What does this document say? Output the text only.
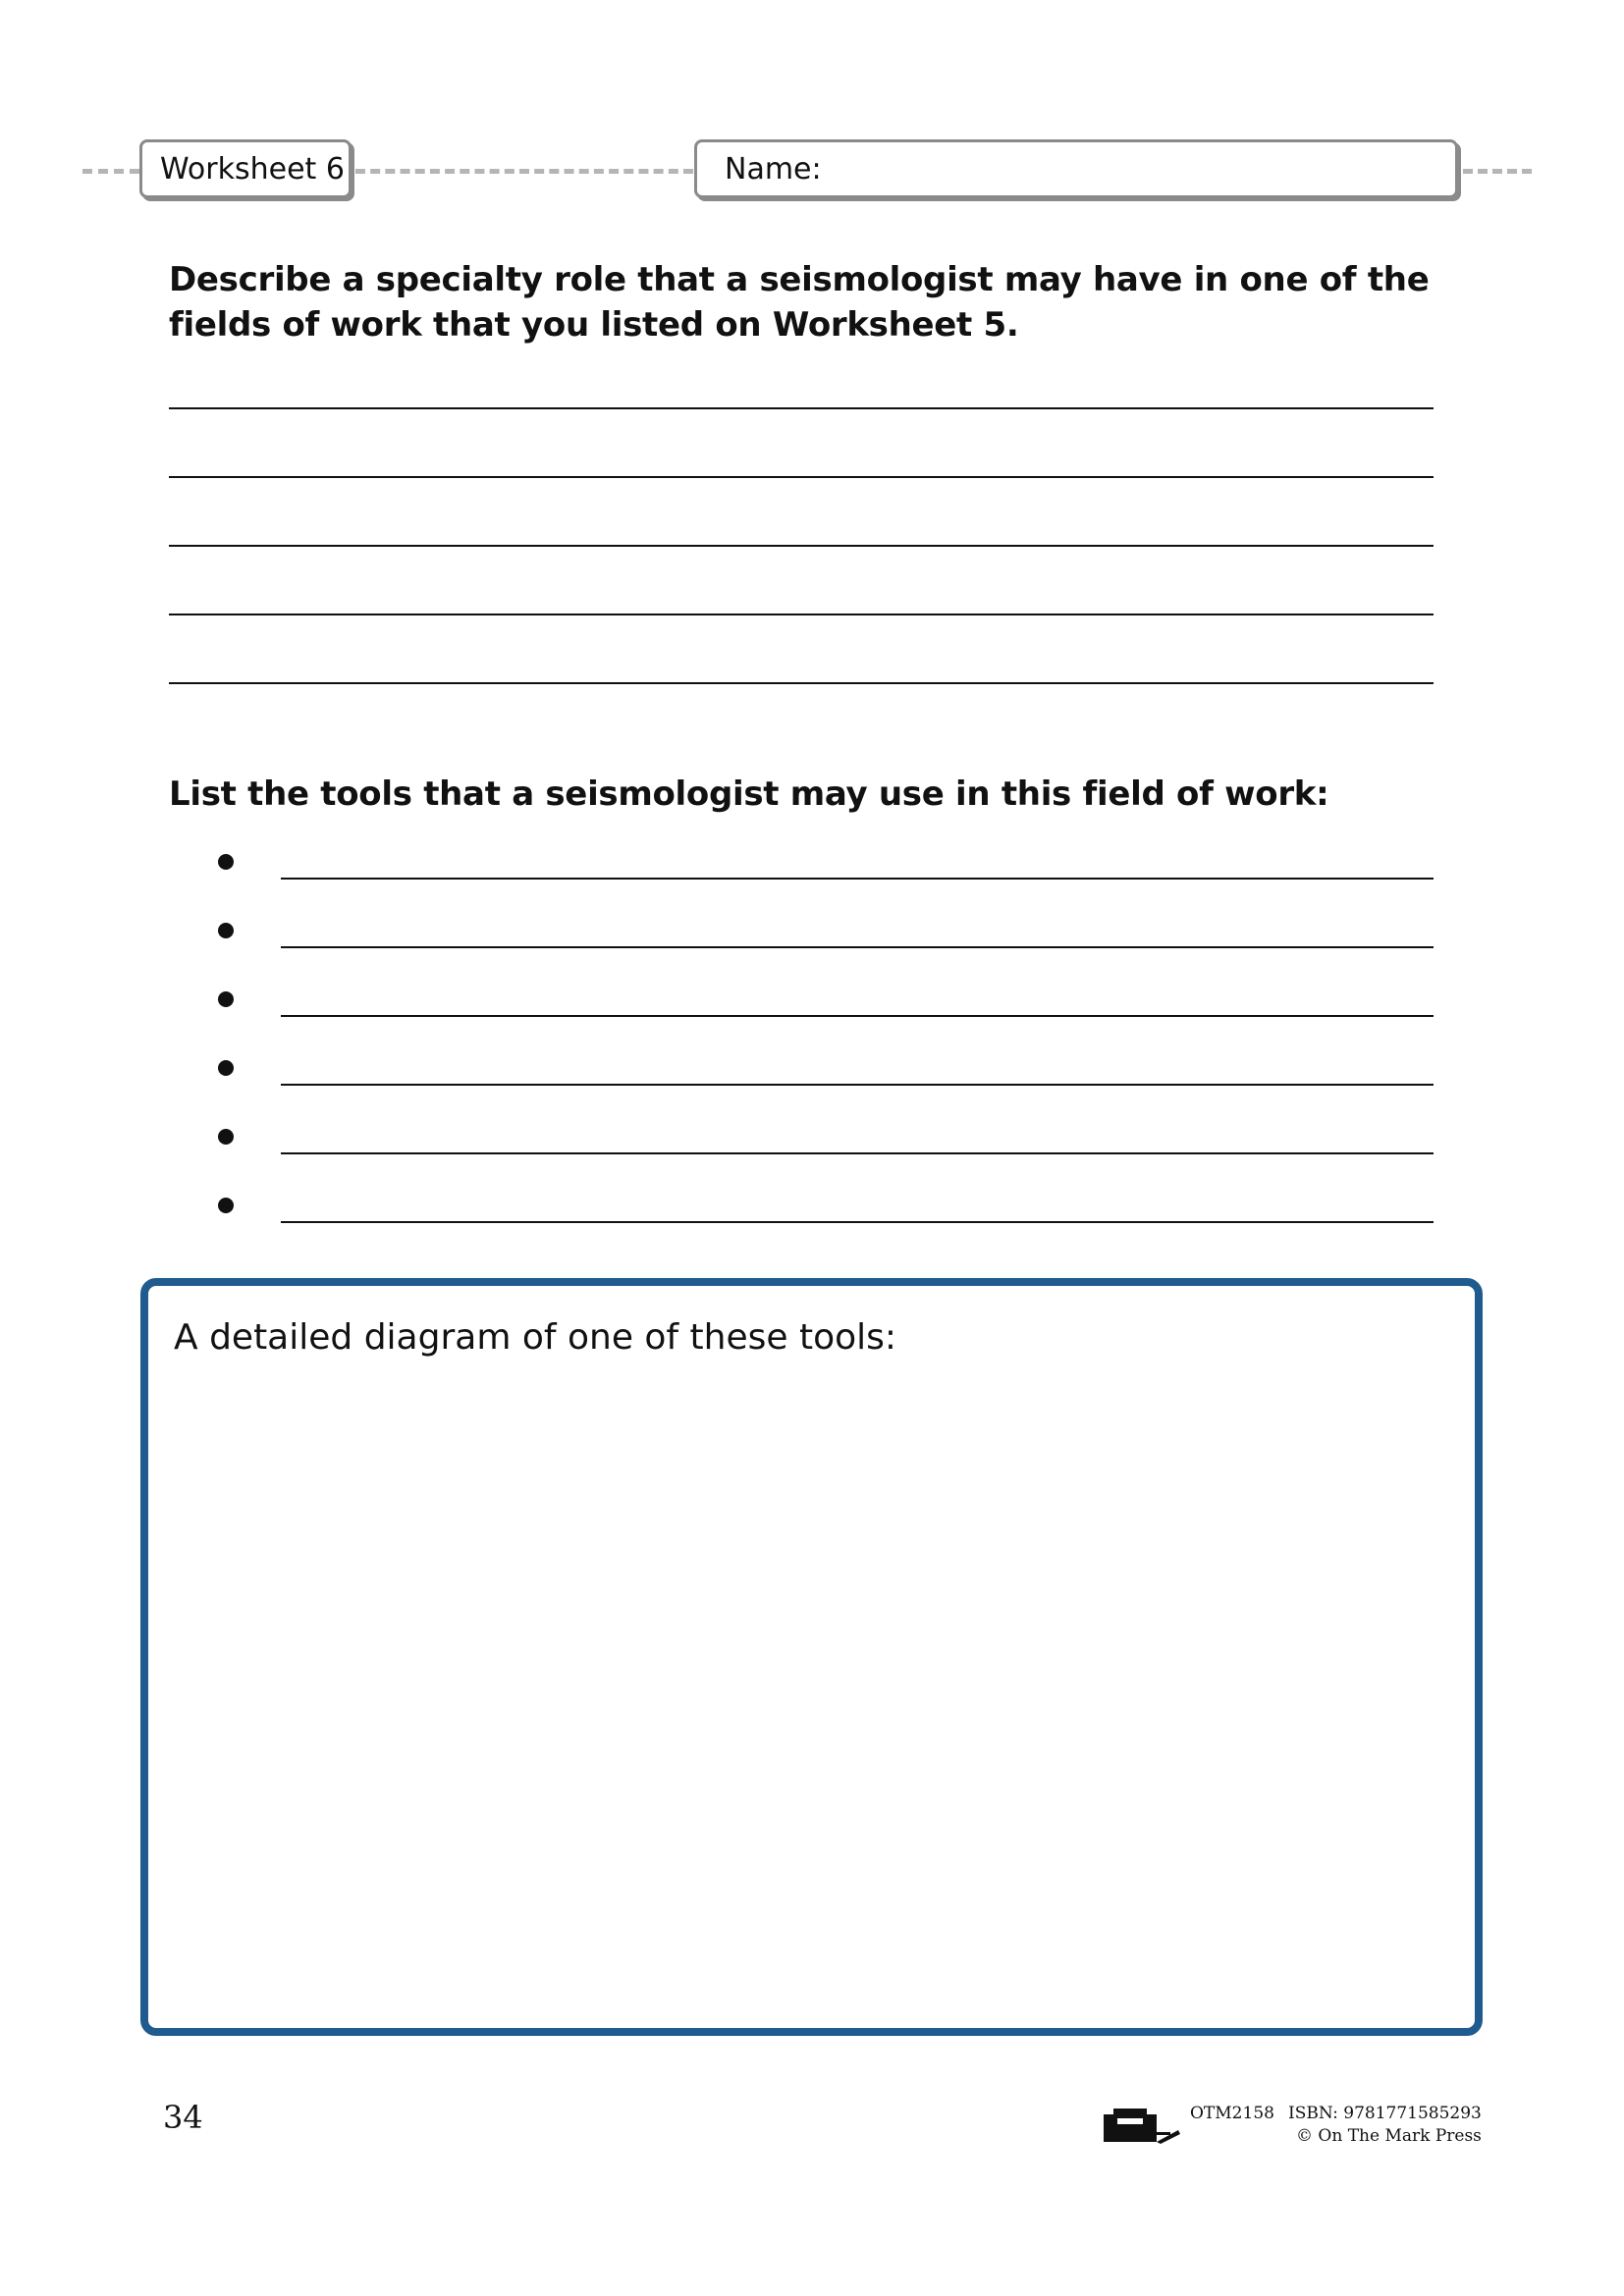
Worksheet 6	Name:
Describe a specialty role that a seismologist may have in one of the fields of work that you listed on Worksheet 5.
List the tools that a seismologist may use in this field of work:
A detailed diagram of one of these tools:
34	OTM2158 ISBN: 9781771585293
© On The Mark Press
